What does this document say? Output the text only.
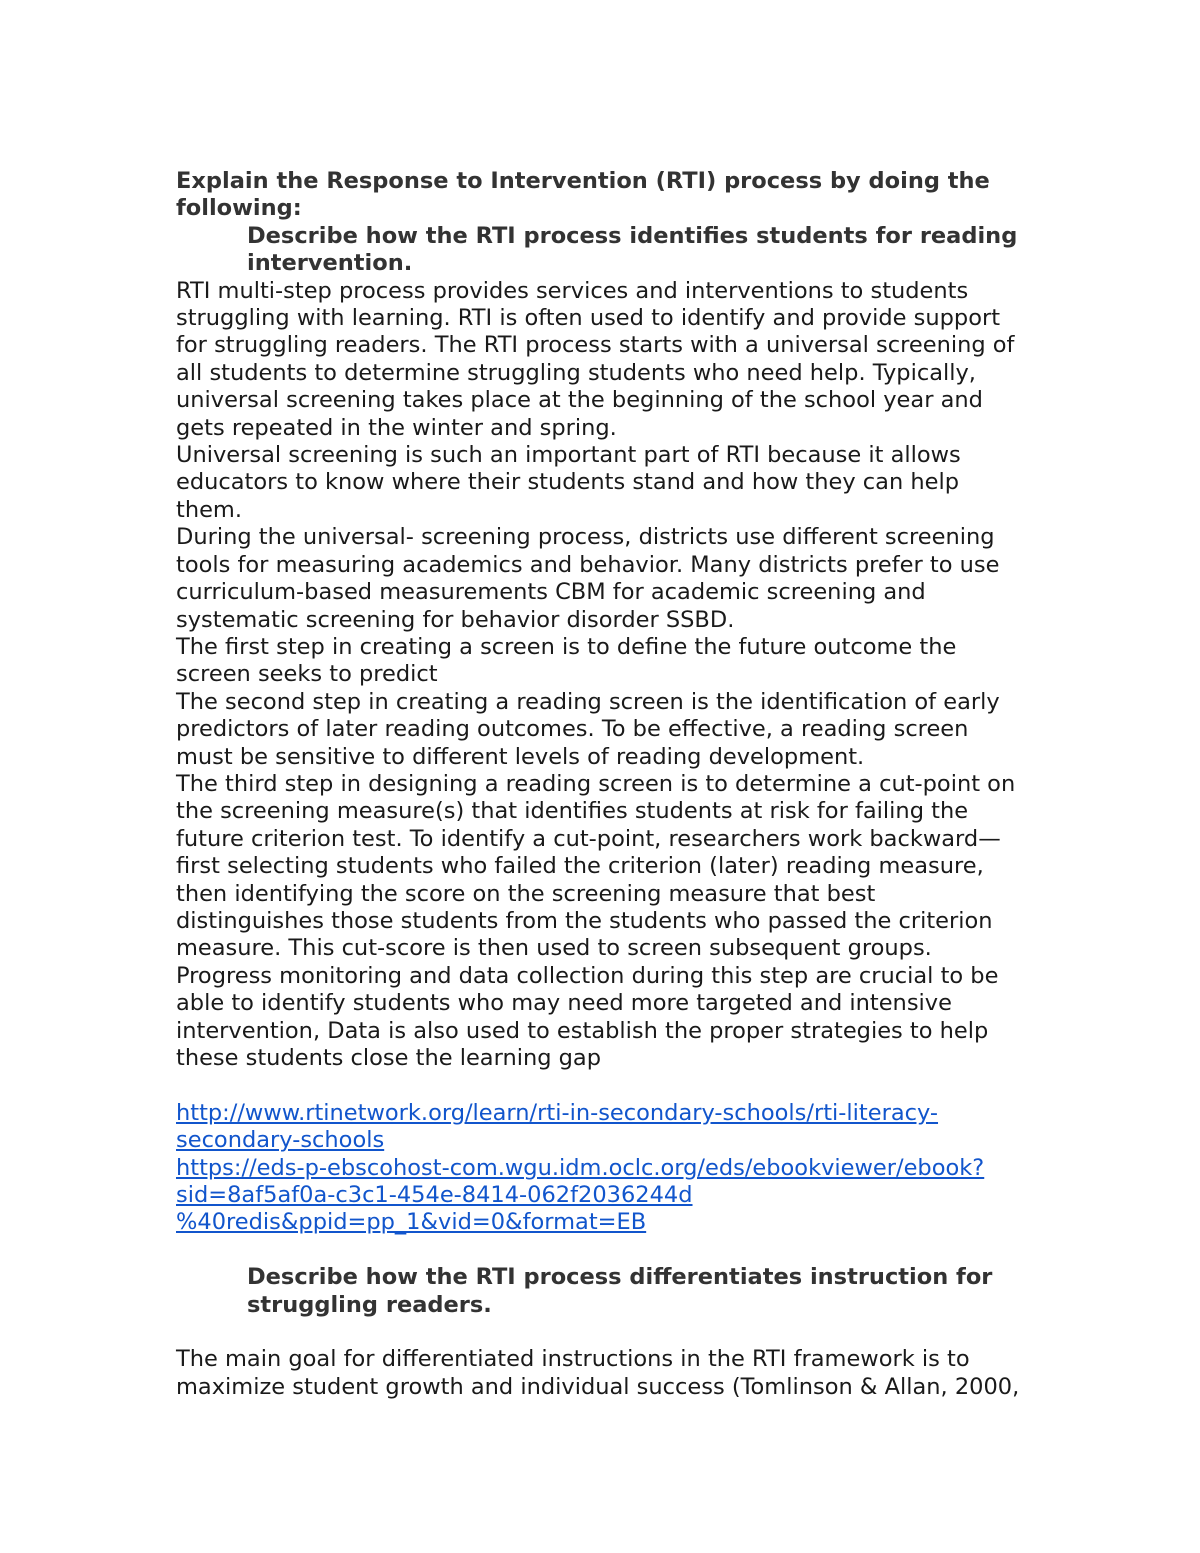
Explain the Response to Intervention (RTI) process by doing the
following:
Describe how the RTI process identifies students for reading
intervention.
RTI multi-step process provides services and interventions to students
struggling with learning. RTI is often used to identify and provide support
for struggling readers. The RTI process starts with a universal screening of
all students to determine struggling students who need help. Typically,
universal screening takes place at the beginning of the school year and
gets repeated in the winter and spring.
Universal screening is such an important part of RTI because it allows
educators to know where their students stand and how they can help
them.
During the universal- screening process, districts use different screening
tools for measuring academics and behavior. Many districts prefer to use
curriculum-based measurements CBM for academic screening and
systematic screening for behavior disorder SSBD.
The first step in creating a screen is to define the future outcome the
screen seeks to predict
The second step in creating a reading screen is the identification of early
predictors of later reading outcomes. To be effective, a reading screen
must be sensitive to different levels of reading development.
The third step in designing a reading screen is to determine a cut-point on
the screening measure(s) that identifies students at risk for failing the
future criterion test. To identify a cut-point, researchers work backward—
first selecting students who failed the criterion (later) reading measure,
then identifying the score on the screening measure that best
distinguishes those students from the students who passed the criterion
measure. This cut-score is then used to screen subsequent groups.
Progress monitoring and data collection during this step are crucial to be
able to identify students who may need more targeted and intensive
intervention, Data is also used to establish the proper strategies to help
these students close the learning gap
http://www.rtinetwork.org/learn/rti-in-secondary-schools/rti-literacy-
secondary-schools
https://eds-p-ebscohost-com.wgu.idm.oclc.org/eds/ebookviewer/ebook?
sid=8af5af0a-c3c1-454e-8414-062f2036244d
%40redis&ppid=pp_1&vid=0&format=EB
Describe how the RTI process differentiates instruction for
struggling readers.
The main goal for differentiated instructions in the RTI framework is to
maximize student growth and individual success (Tomlinson & Allan, 2000,
